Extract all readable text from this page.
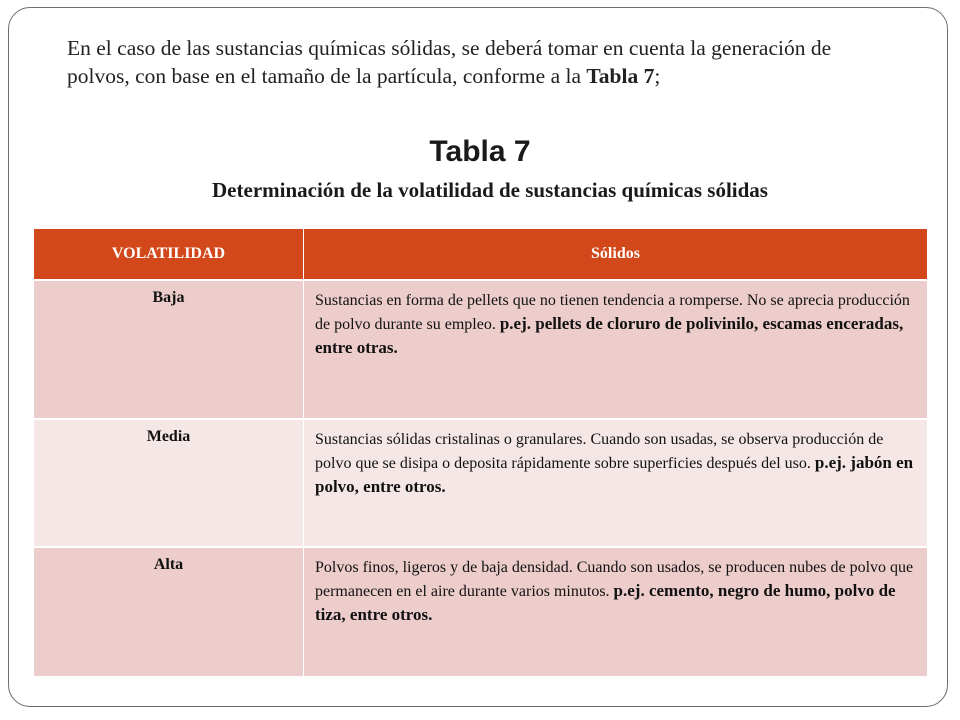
En el caso de las sustancias químicas sólidas, se deberá tomar en cuenta la generación de polvos, con base en el tamaño de la partícula, conforme a la Tabla 7;

Tabla 7
Determinación de la volatilidad de sustancias químicas sólidas
VOLATILIDAD	Sólidos
Baja	Sustancias en forma de pellets que no tienen tendencia a romperse. No se aprecia producción de polvo durante su empleo. p.ej. pellets de cloruro de polivinilo, escamas enceradas, entre otras.
Media	Sustancias sólidas cristalinas o granulares. Cuando son usadas, se observa producción de polvo que se disipa o deposita rápidamente sobre superficies después del uso. p.ej. jabón en polvo, entre otros.
Alta	Polvos finos, ligeros y de baja densidad. Cuando son usados, se producen nubes de polvo que permanecen en el aire durante varios minutos. p.ej. cemento, negro de humo, polvo de tiza, entre otros.
